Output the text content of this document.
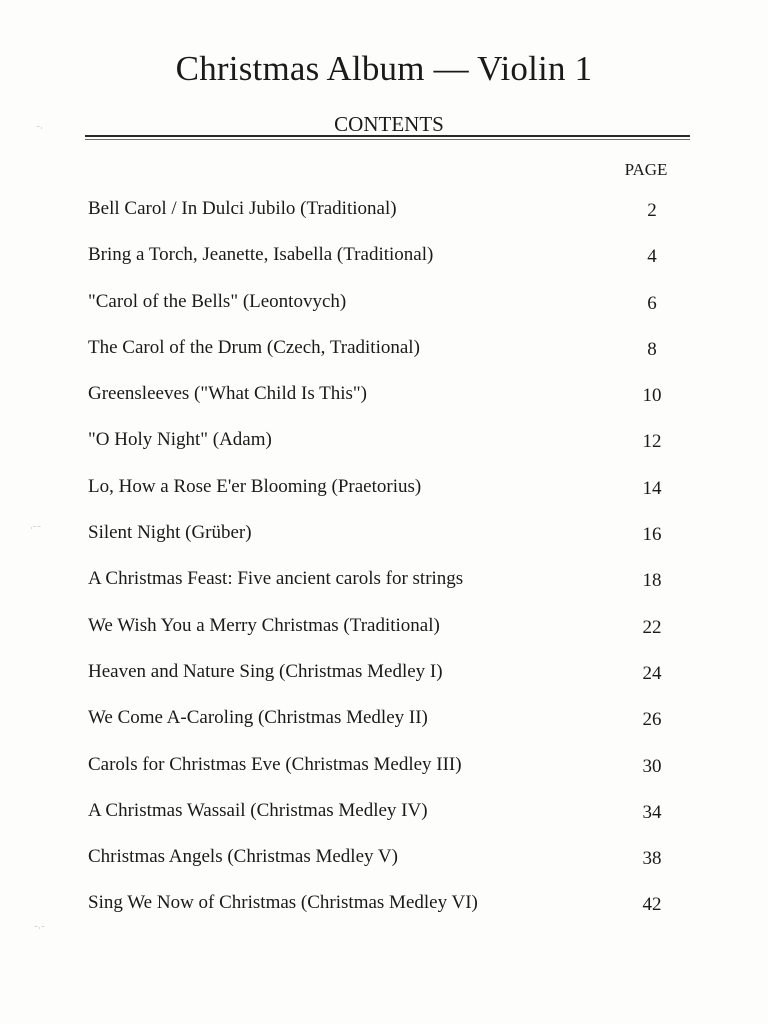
Christmas Album — Violin 1
CONTENTS
PAGE
Bell Carol / In Dulci Jubilo (Traditional)	2
Bring a Torch, Jeanette, Isabella (Traditional)	4
"Carol of the Bells" (Leontovych)	6
The Carol of the Drum (Czech, Traditional)	8
Greensleeves ("What Child Is This")	10
"O Holy Night" (Adam)	12
Lo, How a Rose E'er Blooming (Praetorius)	14
Silent Night (Grüber)	16
A Christmas Feast: Five ancient carols for strings	18
We Wish You a Merry Christmas (Traditional)	22
Heaven and Nature Sing (Christmas Medley I)	24
We Come A-Caroling (Christmas Medley II)	26
Carols for Christmas Eve (Christmas Medley III)	30
A Christmas Wassail (Christmas Medley IV)	34
Christmas Angels (Christmas Medley V)	38
Sing We Now of Christmas (Christmas Medley VI)	42
⁻·
·⁻⁻
⁻·⁻
